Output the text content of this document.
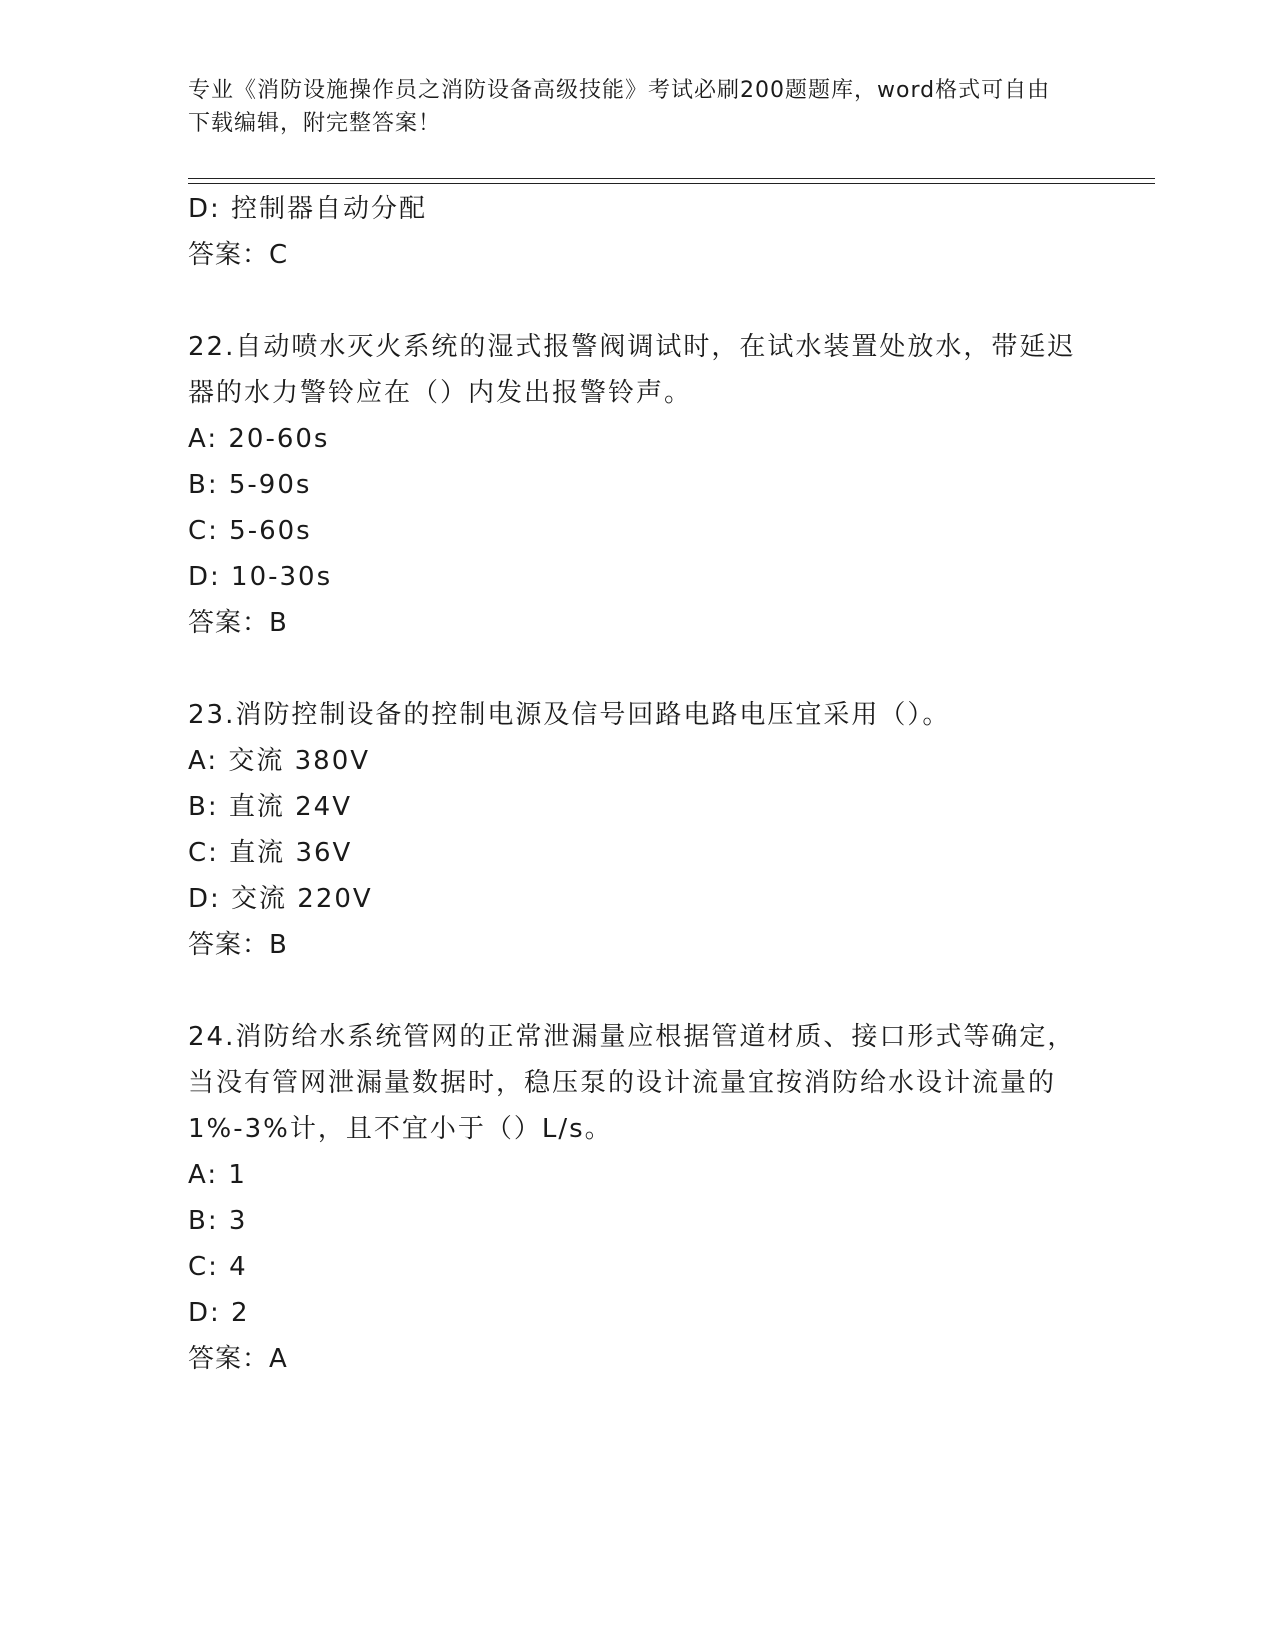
专业《消防设施操作员之消防设备高级技能》考试必刷200题题库，word格式可自由下载编辑，附完整答案！
D: 控制器自动分配
答案：C
22.自动喷水灭火系统的湿式报警阀调试时，在试水装置处放水，带延迟器的水力警铃应在（）内发出报警铃声。
A: 20-60s
B: 5-90s
C: 5-60s
D: 10-30s
答案：B
23.消防控制设备的控制电源及信号回路电路电压宜采用（）。
A: 交流 380V
B: 直流 24V
C: 直流 36V
D: 交流 220V
答案：B
24.消防给水系统管网的正常泄漏量应根据管道材质、接口形式等确定，当没有管网泄漏量数据时，稳压泵的设计流量宜按消防给水设计流量的1%-3%计，且不宜小于（）L/s。
A: 1
B: 3
C: 4
D: 2
答案：A
